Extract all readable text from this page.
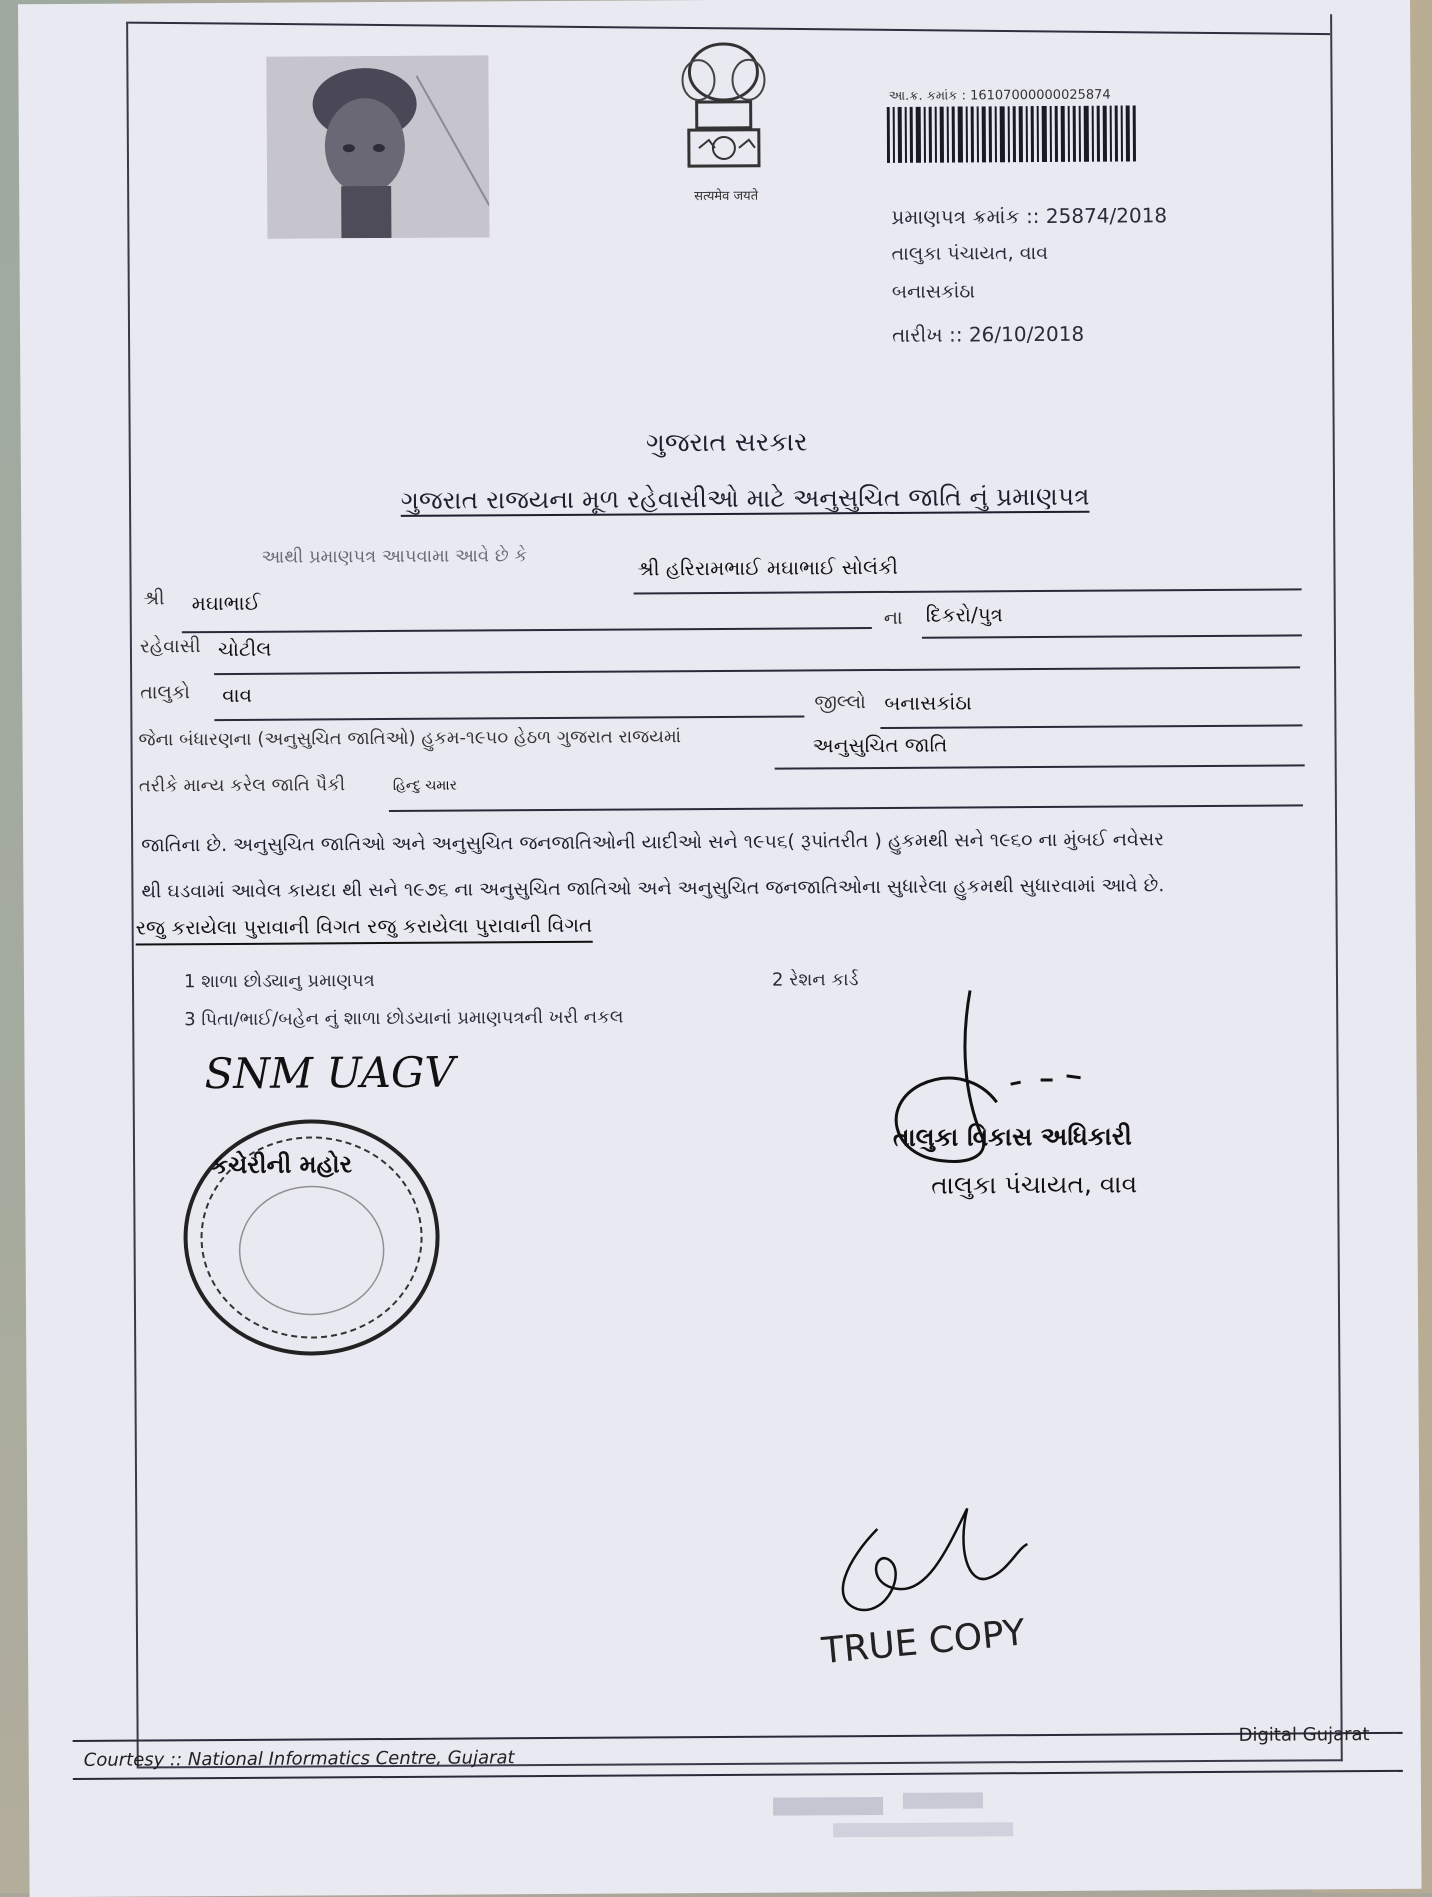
सत्यमेव जयते
આ.ક્ર. કમાંક : 16107000000025874
પ્રમાણપત્ર ક્રમાંક :: 25874/2018
તાલુકા પંચાયત, વાવ
બનાસકાંઠા
તારીખ :: 26/10/2018
ગુજરાત સરકાર
ગુજરાત રાજયના મૂળ રહેવાસીઓ માટે અનુસુચિત જાતિ નું પ્રમાણપત્ર
આથી પ્રમાણપત્ર આપવામા આવે છે કે	શ્રી હરિરામભાઈ મઘાભાઈ સોલંકી
શ્રી મઘાભાઈ
ના દિકરો/પુત્ર
રહેવાસી ચોટીલ
તાલુકો વાવ	જીલ્લો બનાસકાંઠા
જેના બંધારણના (અનુસુચિત જાતિઓ) હુકમ-૧૯૫૦ હેઠળ ગુજરાત રાજયમાં	અનુસુચિત જાતિ
તરીકે માન્ય કરેલ જાતિ પૈકી	હિન્દુ ચમાર
જાતિના છે. અનુસુચિત જાતિઓ અને અનુસુચિત જનજાતિઓની યાદીઓ સને ૧૯૫૬( રૂપાંતરીત ) હુકમથી સને ૧૯૬૦ ના મુંબઈ નવેસર
થી ઘડવામાં આવેલ કાયદા થી સને ૧૯૭૬ ના અનુસુચિત જાતિઓ અને અનુસુચિત જનજાતિઓના સુધારેલા હુકમથી સુધારવામાં આવે છે.
રજુ કરાયેલા પુરાવાની વિગત રજુ કરાયેલા પુરાવાની વિગત
1 શાળા છોડ્યાનુ પ્રમાણપત્ર	2 રેશન કાર્ડ
3 પિતા/ભાઈ/બહેન નું શાળા છોડયાનાં પ્રમાણપત્રની ખરી નકલ
SNM UAGV
કચેરીની મહોર
તાલુકા વિકાસ અધિકારી
તાલુકા પંચાયત, વાવ
TRUE COPY
Courtesy :: National Informatics Centre, Gujarat
Digital Gujarat
